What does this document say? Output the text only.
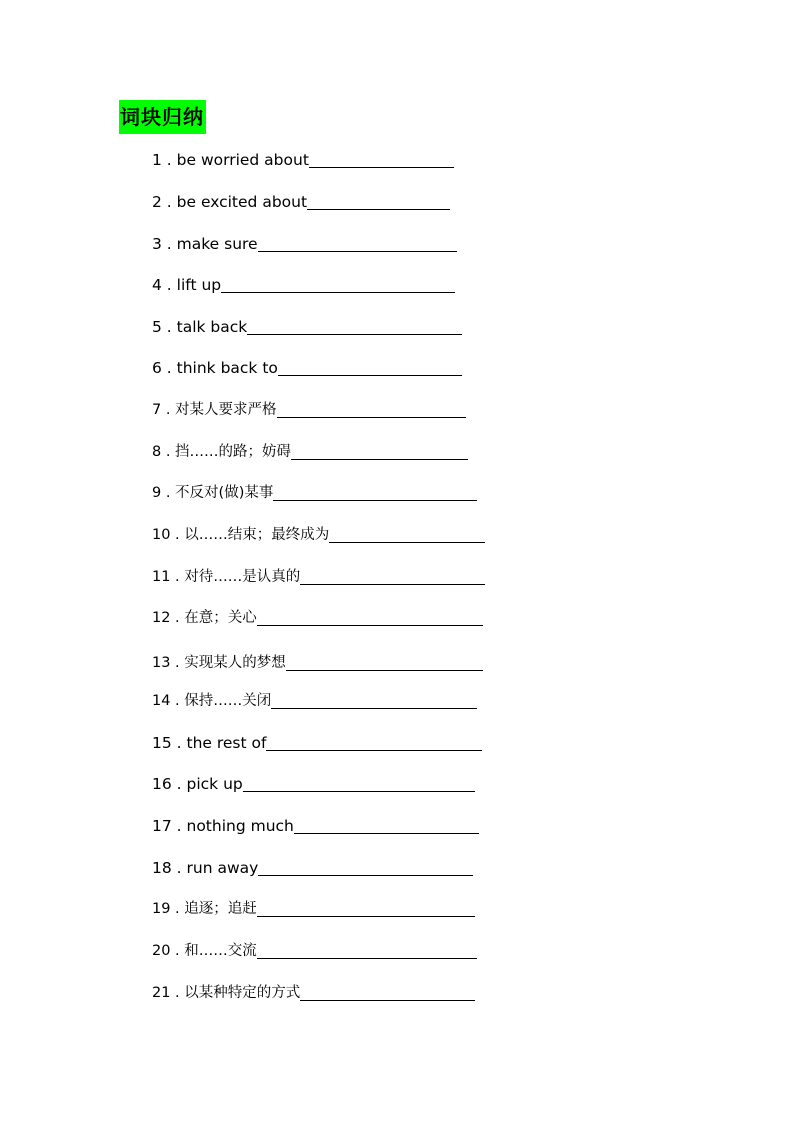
词块归纳
1 . be worried about
2 . be excited about
3 . make sure
4 . lift up
5 . talk back
6 . think back to
7 . 对某人要求严格
8 . 挡……的路；妨碍
9 . 不反对(做)某事
10 . 以……结束；最终成为
11 . 对待……是认真的
12 . 在意；关心
13 . 实现某人的梦想
14 . 保持……关闭
15 . the rest of
16 . pick up
17 . nothing much
18 . run away
19 . 追逐；追赶
20 . 和……交流
21 . 以某种特定的方式
